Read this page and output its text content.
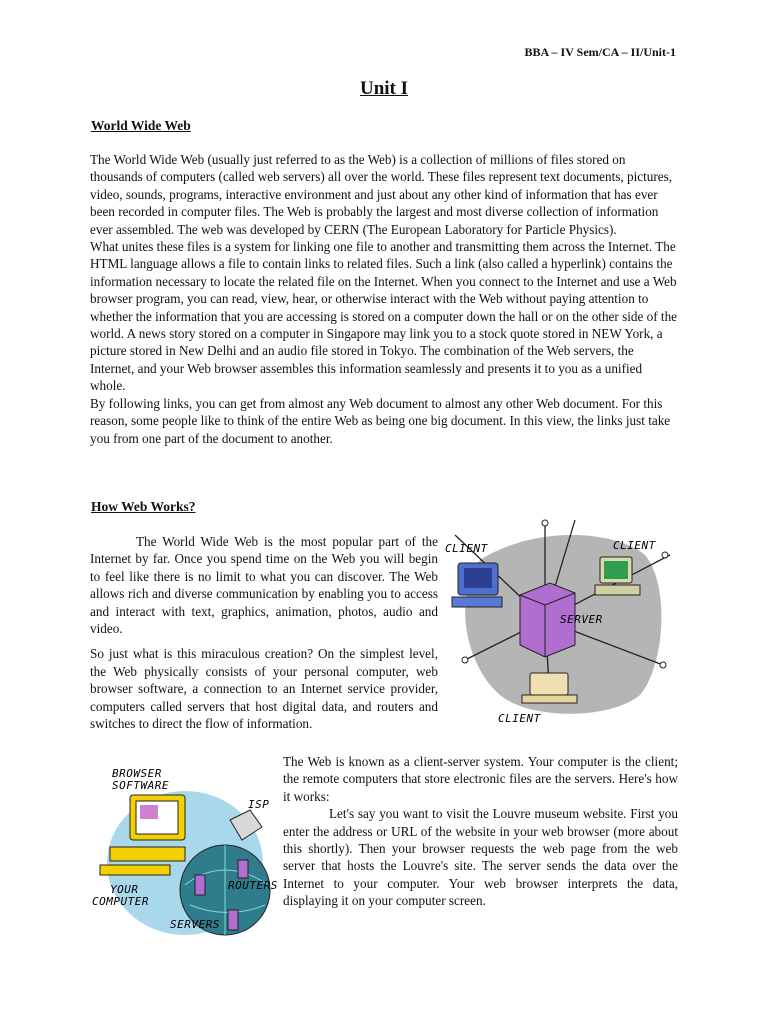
BBA – IV Sem/CA – II/Unit-1
Unit I
World Wide Web

The World Wide Web (usually just referred to as the Web) is a collection of millions of files stored on thousands of computers (called web servers) all over the world. These files represent text documents, pictures, video, sounds, programs, interactive environment and just about any other kind of information that has ever been recorded in computer files. The Web is probably the largest and most diverse collection of information ever assembled. The web was developed by CERN (The European Laboratory for Particle Physics).

What unites these files is a system for linking one file to another and transmitting them across the Internet. The HTML language allows a file to contain links to related files. Such a link (also called a hyperlink) contains the information necessary to locate the related file on the Internet. When you connect to the Internet and use a Web browser program, you can read, view, hear, or otherwise interact with the Web without paying attention to whether the information that you are accessing is stored on a computer down the hall or on the other side of the world. A news story stored on a computer in Singapore may link you to a stock quote stored in NEW York, a picture stored in New Delhi and an audio file stored in Tokyo. The combination of the Web servers, the Internet, and your Web browser assembles this information seamlessly and presents it to you as a unified whole.

By following links, you can get from almost any Web document to almost any other Web document. For this reason, some people like to think of the entire Web as being one big document. In this view, the links just take you from one part of the document to another.

How Web Works?

The World Wide Web is the most popular part of the Internet by far. Once you spend time on the Web you will begin to feel like there is no limit to what you can discover. The Web allows rich and diverse communication by enabling you to access and interact with text, graphics, animation, photos, audio and video.

So just what is this miraculous creation? On the simplest level, the Web physically consists of your personal computer, web browser software, a connection to an Internet service provider, computers called servers that host digital data, and routers and switches to direct the flow of information.

The Web is known as a client-server system. Your computer is the client; the remote computers that store electronic files are the servers. Here's how it works:

Let's say you want to visit the Louvre museum website. First you enter the address or URL of the website in your web browser (more about this shortly). Then your browser requests the web page from the web server that hosts the Louvre's site. The server sends the data over the Internet to your computer. Your web browser interprets the data, displaying it on your computer screen.

CLIENT	CLIENT
SERVER
CLIENT
BROWSER
SOFTWARE
ISP
YOUR
COMPUTER
ROUTERS
SERVERS
